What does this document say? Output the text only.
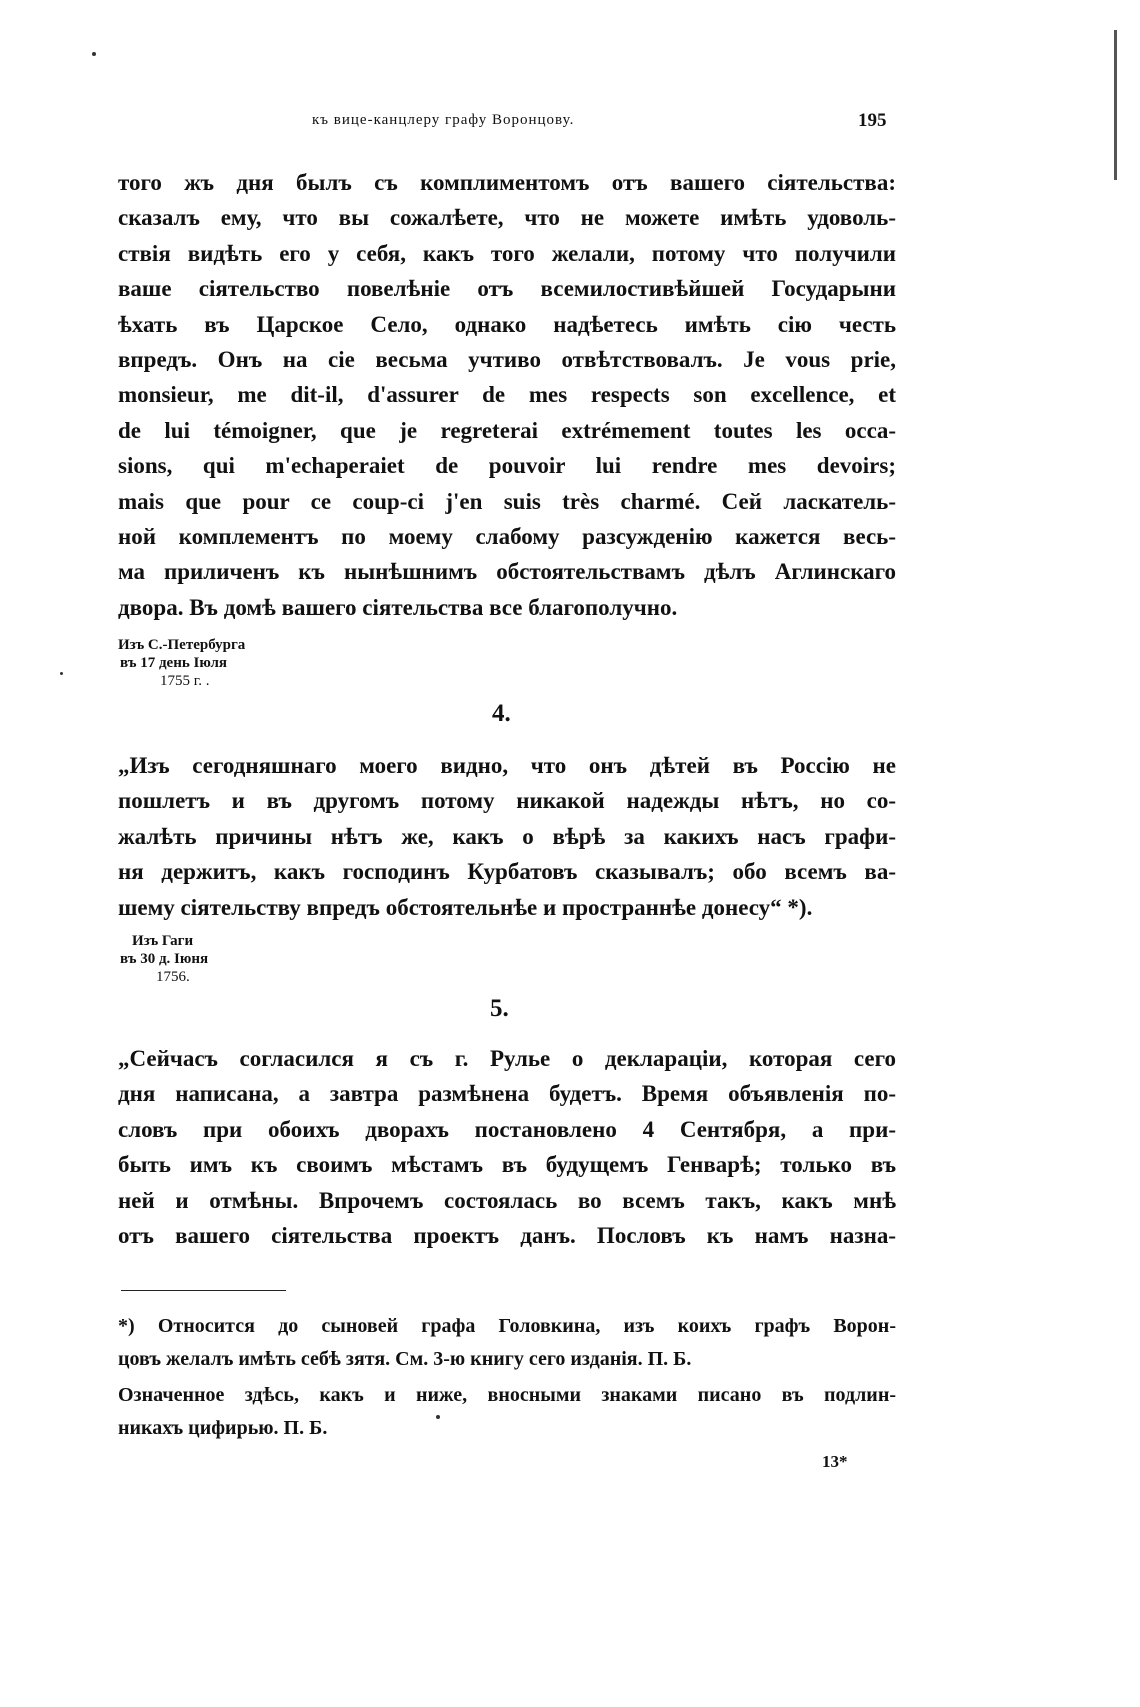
къ вице-канцлеру графу Воронцову.	195
того жъ дня былъ съ комплиментомъ отъ вашего сіятельства:
сказалъ ему, что вы сожалѣете, что не можете имѣть удоволь-
ствія видѣть его у себя, какъ того желали, потому что получили
ваше сіятельство повелѣніе отъ всемилостивѣйшей Государыни
ѣхать въ Царское Село, однако надѣетесь имѣть сію честь
впредъ. Онъ на сіе весьма учтиво отвѣтствовалъ. Je vous prie,
monsieur, me dit-il, d'assurer de mes respects son excellence, et
de lui témoigner, que je regreterai extrémement toutes les occa-
sions, qui m'echaperaiet de pouvoir lui rendre mes devoirs;
mais que pour ce coup-ci j'en suis très charmé. Сей ласкатель-
ной комплементъ по моему слабому разсужденію кажется весь-
ма приличенъ къ нынѣшнимъ обстоятельствамъ дѣлъ Аглинскаго
двора. Въ домѣ вашего сіятельства все благополучно.
Изъ С.-Петербурга
въ 17 день Іюля
1755 г. .
4.
„Изъ сегодняшнаго моего видно, что онъ дѣтей въ Россію не
пошлетъ и въ другомъ потому никакой надежды нѣтъ, но со-
жалѣть причины нѣтъ же, какъ о вѣрѣ за какихъ насъ графи-
ня держитъ, какъ господинъ Курбатовъ сказывалъ; обо всемъ ва-
шему сіятельству впредъ обстоятельнѣе и пространнѣе донесу“ *).
Изъ Гаги
въ 30 д. Іюня
1756.
5.
„Сейчасъ согласился я съ г. Рулье о декларацiи, которая сего
дня написана, а завтра размѣнена будетъ. Время объявленія по-
словъ при обоихъ дворахъ постановлено 4 Сентября, а при-
быть имъ къ своимъ мѣстамъ въ будущемъ Генварѣ; только въ
ней и отмѣны. Впрочемъ состоялась во всемъ такъ, какъ мнѣ
отъ вашего сіятельства проектъ данъ. Пословъ къ намъ назна-
*) Относится до сыновей графа Головкина, изъ коихъ графъ Ворон-
цовъ желалъ имѣть себѣ зятя. См. 3-ю книгу сего изданія. П. Б.
Означенное здѣсь, какъ и ниже, вносными знаками писано въ подлин-
никахъ цифирью. П. Б.
13*
